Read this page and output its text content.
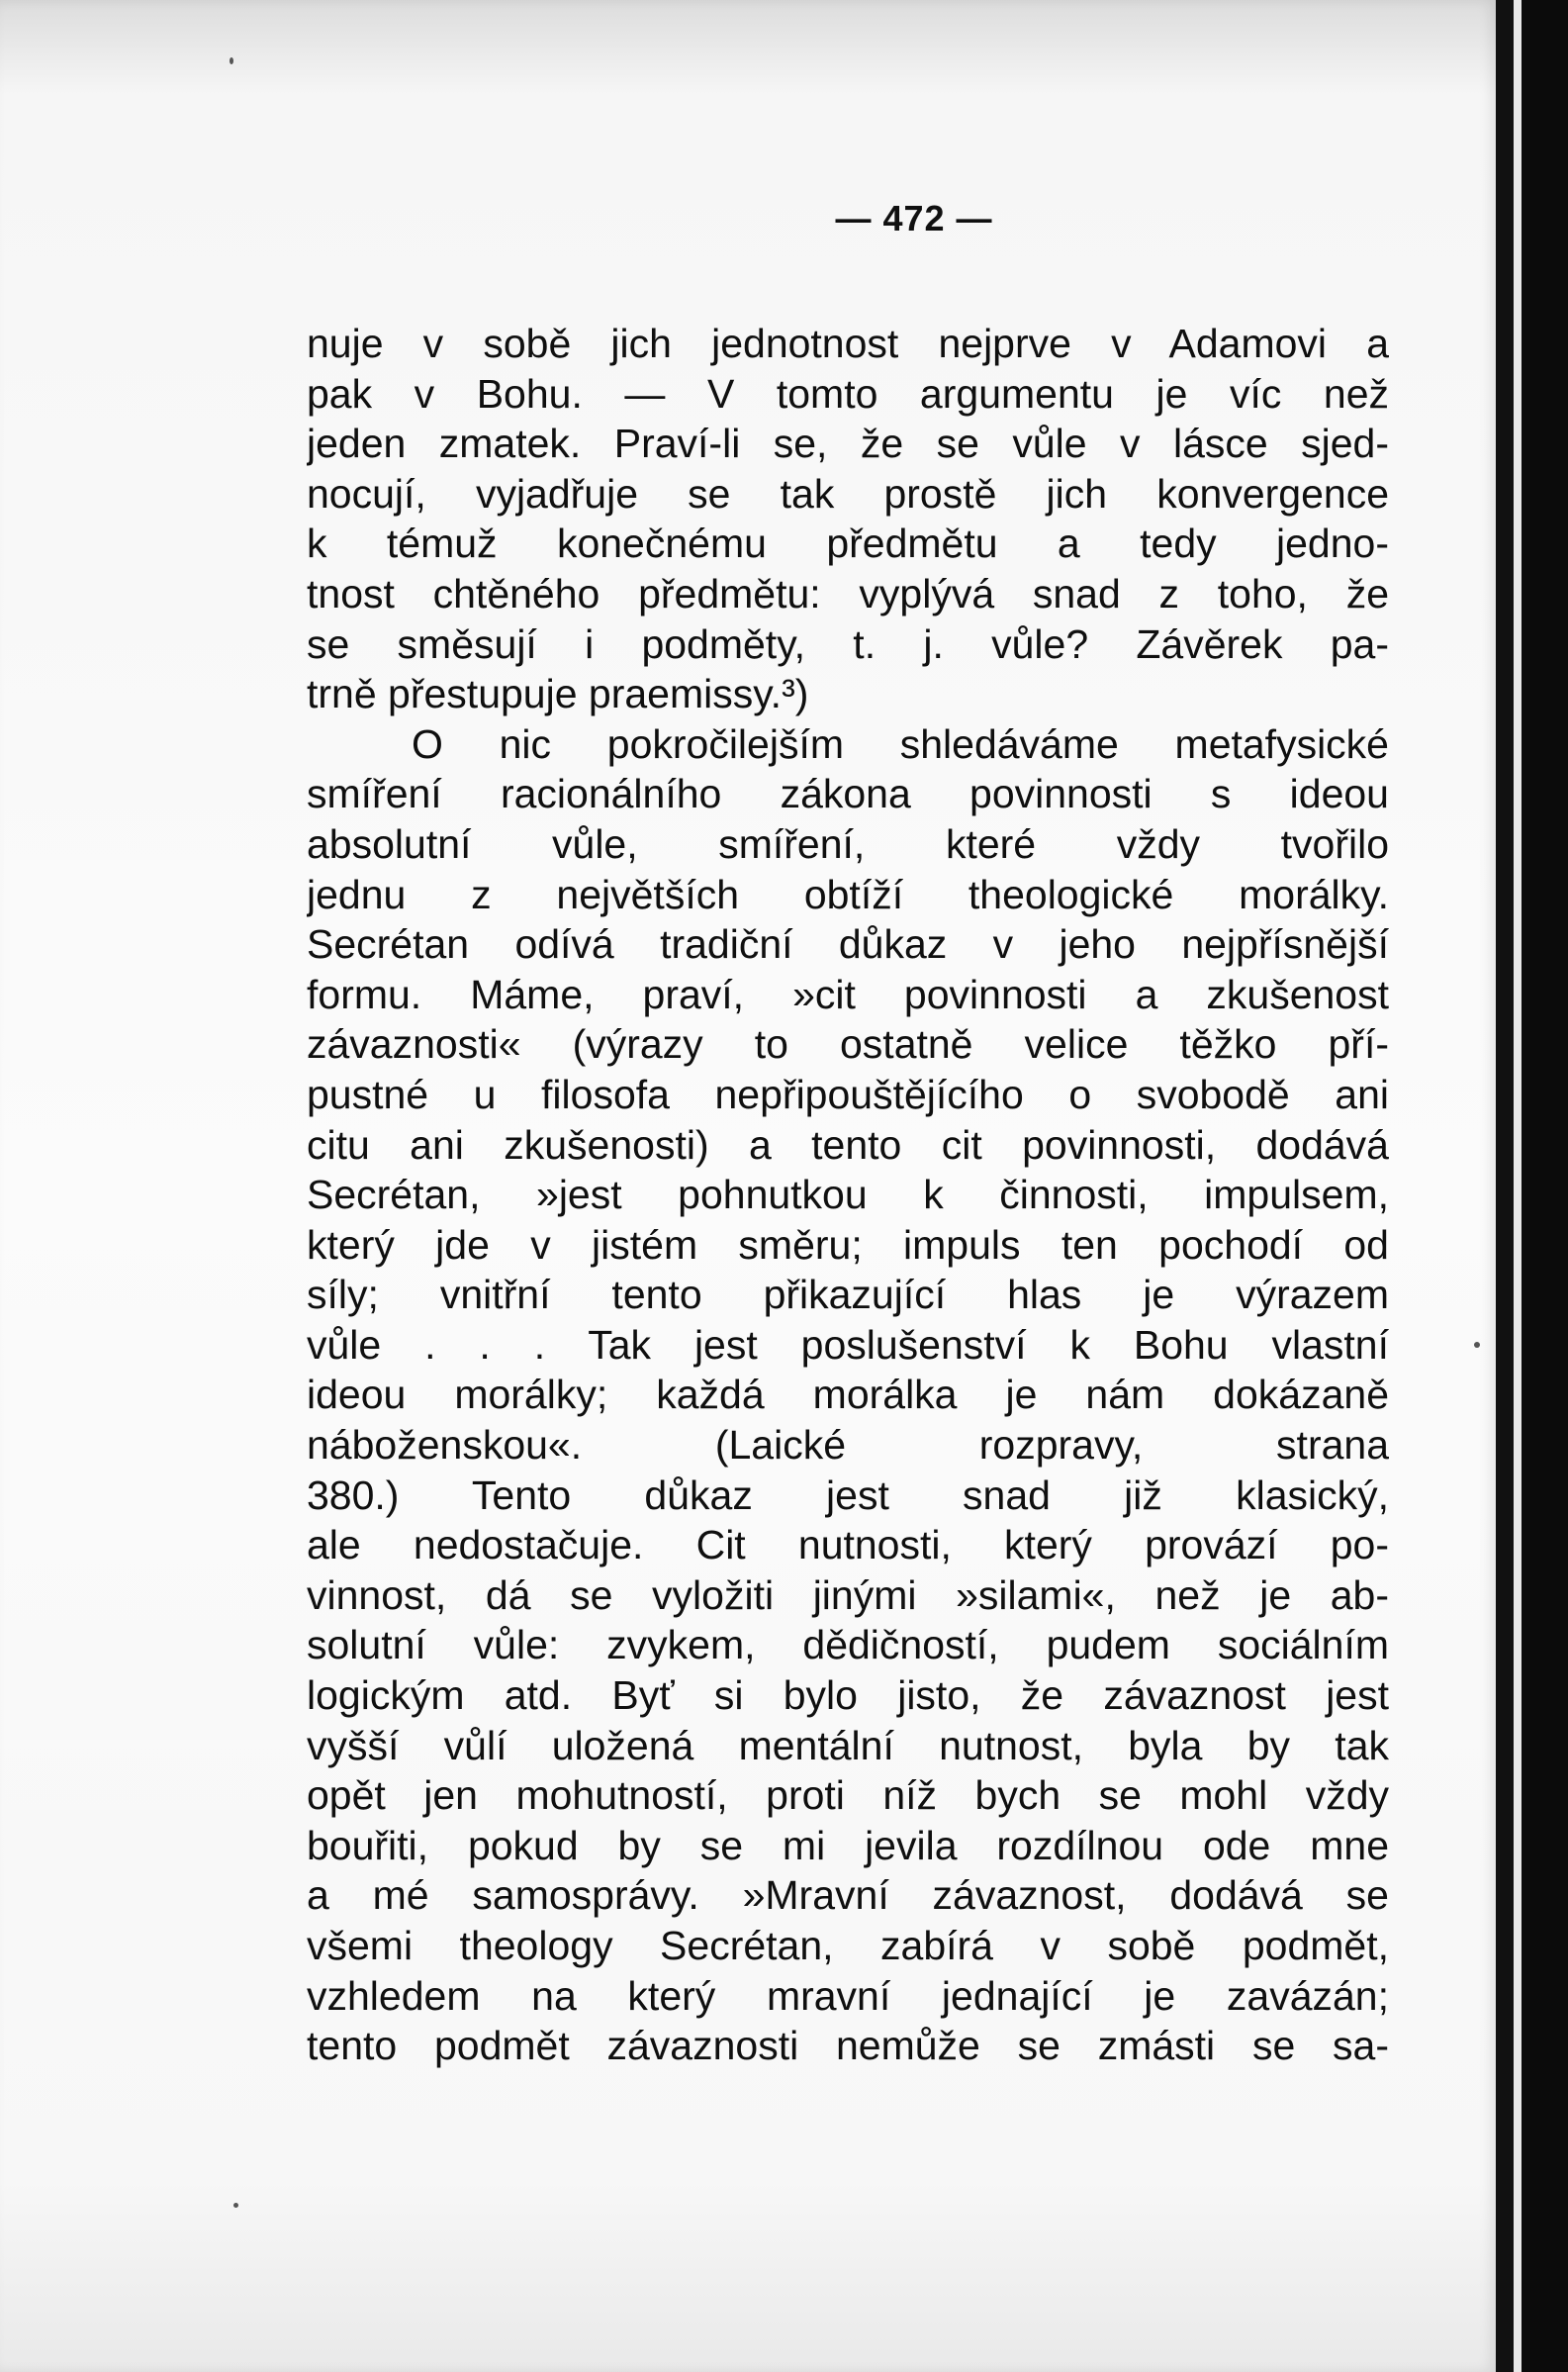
— 472 —
nuje v sobě jich jednotnost nejprve v Adamovi a
pak v Bohu. — V tomto argumentu je víc než
jeden zmatek. Praví-li se, že se vůle v lásce sjed-
nocují, vyjadřuje se tak prostě jich konvergence
k témuž konečnému předmětu a tedy jedno-
tnost chtěného předmětu: vyplývá snad z toho, že
se směsují i podměty, t. j. vůle? Závěrek pa-
trně přestupuje praemissy.³)
O nic pokročilejším shledáváme metafysické
smíření racionálního zákona povinnosti s ideou
absolutní vůle, smíření, které vždy tvořilo
jednu z největších obtíží theologické morálky.
Secrétan odívá tradiční důkaz v jeho nejpřísnější
formu. Máme, praví, »cit povinnosti a zkušenost
závaznosti« (výrazy to ostatně velice těžko pří-
pustné u filosofa nepřipouštějícího o svobodě ani
citu ani zkušenosti) a tento cit povinnosti, dodává
Secrétan, »jest pohnutkou k činnosti, impulsem,
který jde v jistém směru; impuls ten pochodí od
síly; vnitřní tento přikazující hlas je výrazem
vůle . . . Tak jest poslušenství k Bohu vlastní
ideou morálky; každá morálka je nám dokázaně
náboženskou«. (Laické rozpravy, strana
380.) Tento důkaz jest snad již klasický,
ale nedostačuje. Cit nutnosti, který provází po-
vinnost, dá se vyložiti jinými »silami«, než je ab-
solutní vůle: zvykem, dědičností, pudem sociálním
logickým atd. Byť si bylo jisto, že závaznost jest
vyšší vůlí uložená mentální nutnost, byla by tak
opět jen mohutností, proti níž bych se mohl vždy
bouřiti, pokud by se mi jevila rozdílnou ode mne
a mé samosprávy. »Mravní závaznost, dodává se
všemi theology Secrétan, zabírá v sobě podmět,
vzhledem na který mravní jednající je zavázán;
tento podmět závaznosti nemůže se zmásti se sa-
